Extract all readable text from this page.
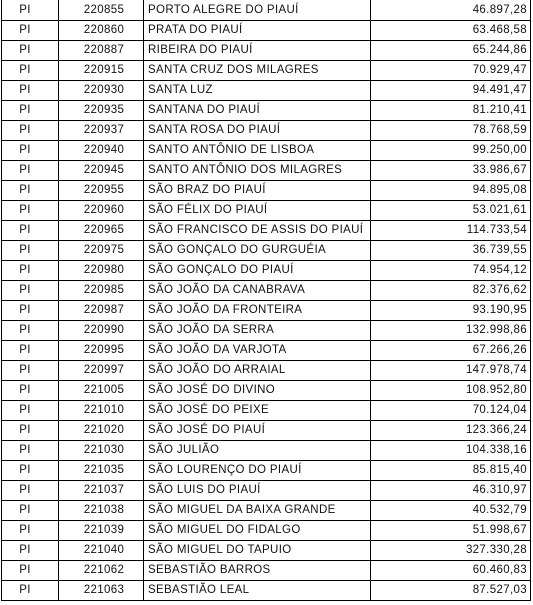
PI	220855	PORTO ALEGRE DO PIAUÍ	46.897,28
PI	220860	PRATA DO PIAUÍ	63.468,58
PI	220887	RIBEIRA DO PIAUÍ	65.244,86
PI	220915	SANTA CRUZ DOS MILAGRES	70.929,47
PI	220930	SANTA LUZ	94.491,47
PI	220935	SANTANA DO PIAUÍ	81.210,41
PI	220937	SANTA ROSA DO PIAUÍ	78.768,59
PI	220940	SANTO ANTÔNIO DE LISBOA	99.250,00
PI	220945	SANTO ANTÔNIO DOS MILAGRES	33.986,67
PI	220955	SÃO BRAZ DO PIAUÍ	94.895,08
PI	220960	SÃO FÉLIX DO PIAUÍ	53.021,61
PI	220965	SÃO FRANCISCO DE ASSIS DO PIAUÍ	114.733,54
PI	220975	SÃO GONÇALO DO GURGUÉIA	36.739,55
PI	220980	SÃO GONÇALO DO PIAUÍ	74.954,12
PI	220985	SÃO JOÃO DA CANABRAVA	82.376,62
PI	220987	SÃO JOÃO DA FRONTEIRA	93.190,95
PI	220990	SÃO JOÃO DA SERRA	132.998,86
PI	220995	SÃO JOÃO DA VARJOTA	67.266,26
PI	220997	SÃO JOÃO DO ARRAIAL	147.978,74
PI	221005	SÃO JOSÉ DO DIVINO	108.952,80
PI	221010	SÃO JOSÉ DO PEIXE	70.124,04
PI	221020	SÃO JOSÉ DO PIAUÍ	123.366,24
PI	221030	SÃO JULIÃO	104.338,16
PI	221035	SÃO LOURENÇO DO PIAUÍ	85.815,40
PI	221037	SÃO LUIS DO PIAUÍ	46.310,97
PI	221038	SÃO MIGUEL DA BAIXA GRANDE	40.532,79
PI	221039	SÃO MIGUEL DO FIDALGO	51.998,67
PI	221040	SÃO MIGUEL DO TAPUIO	327.330,28
PI	221062	SEBASTIÃO BARROS	60.460,83
PI	221063	SEBASTIÃO LEAL	87.527,03
